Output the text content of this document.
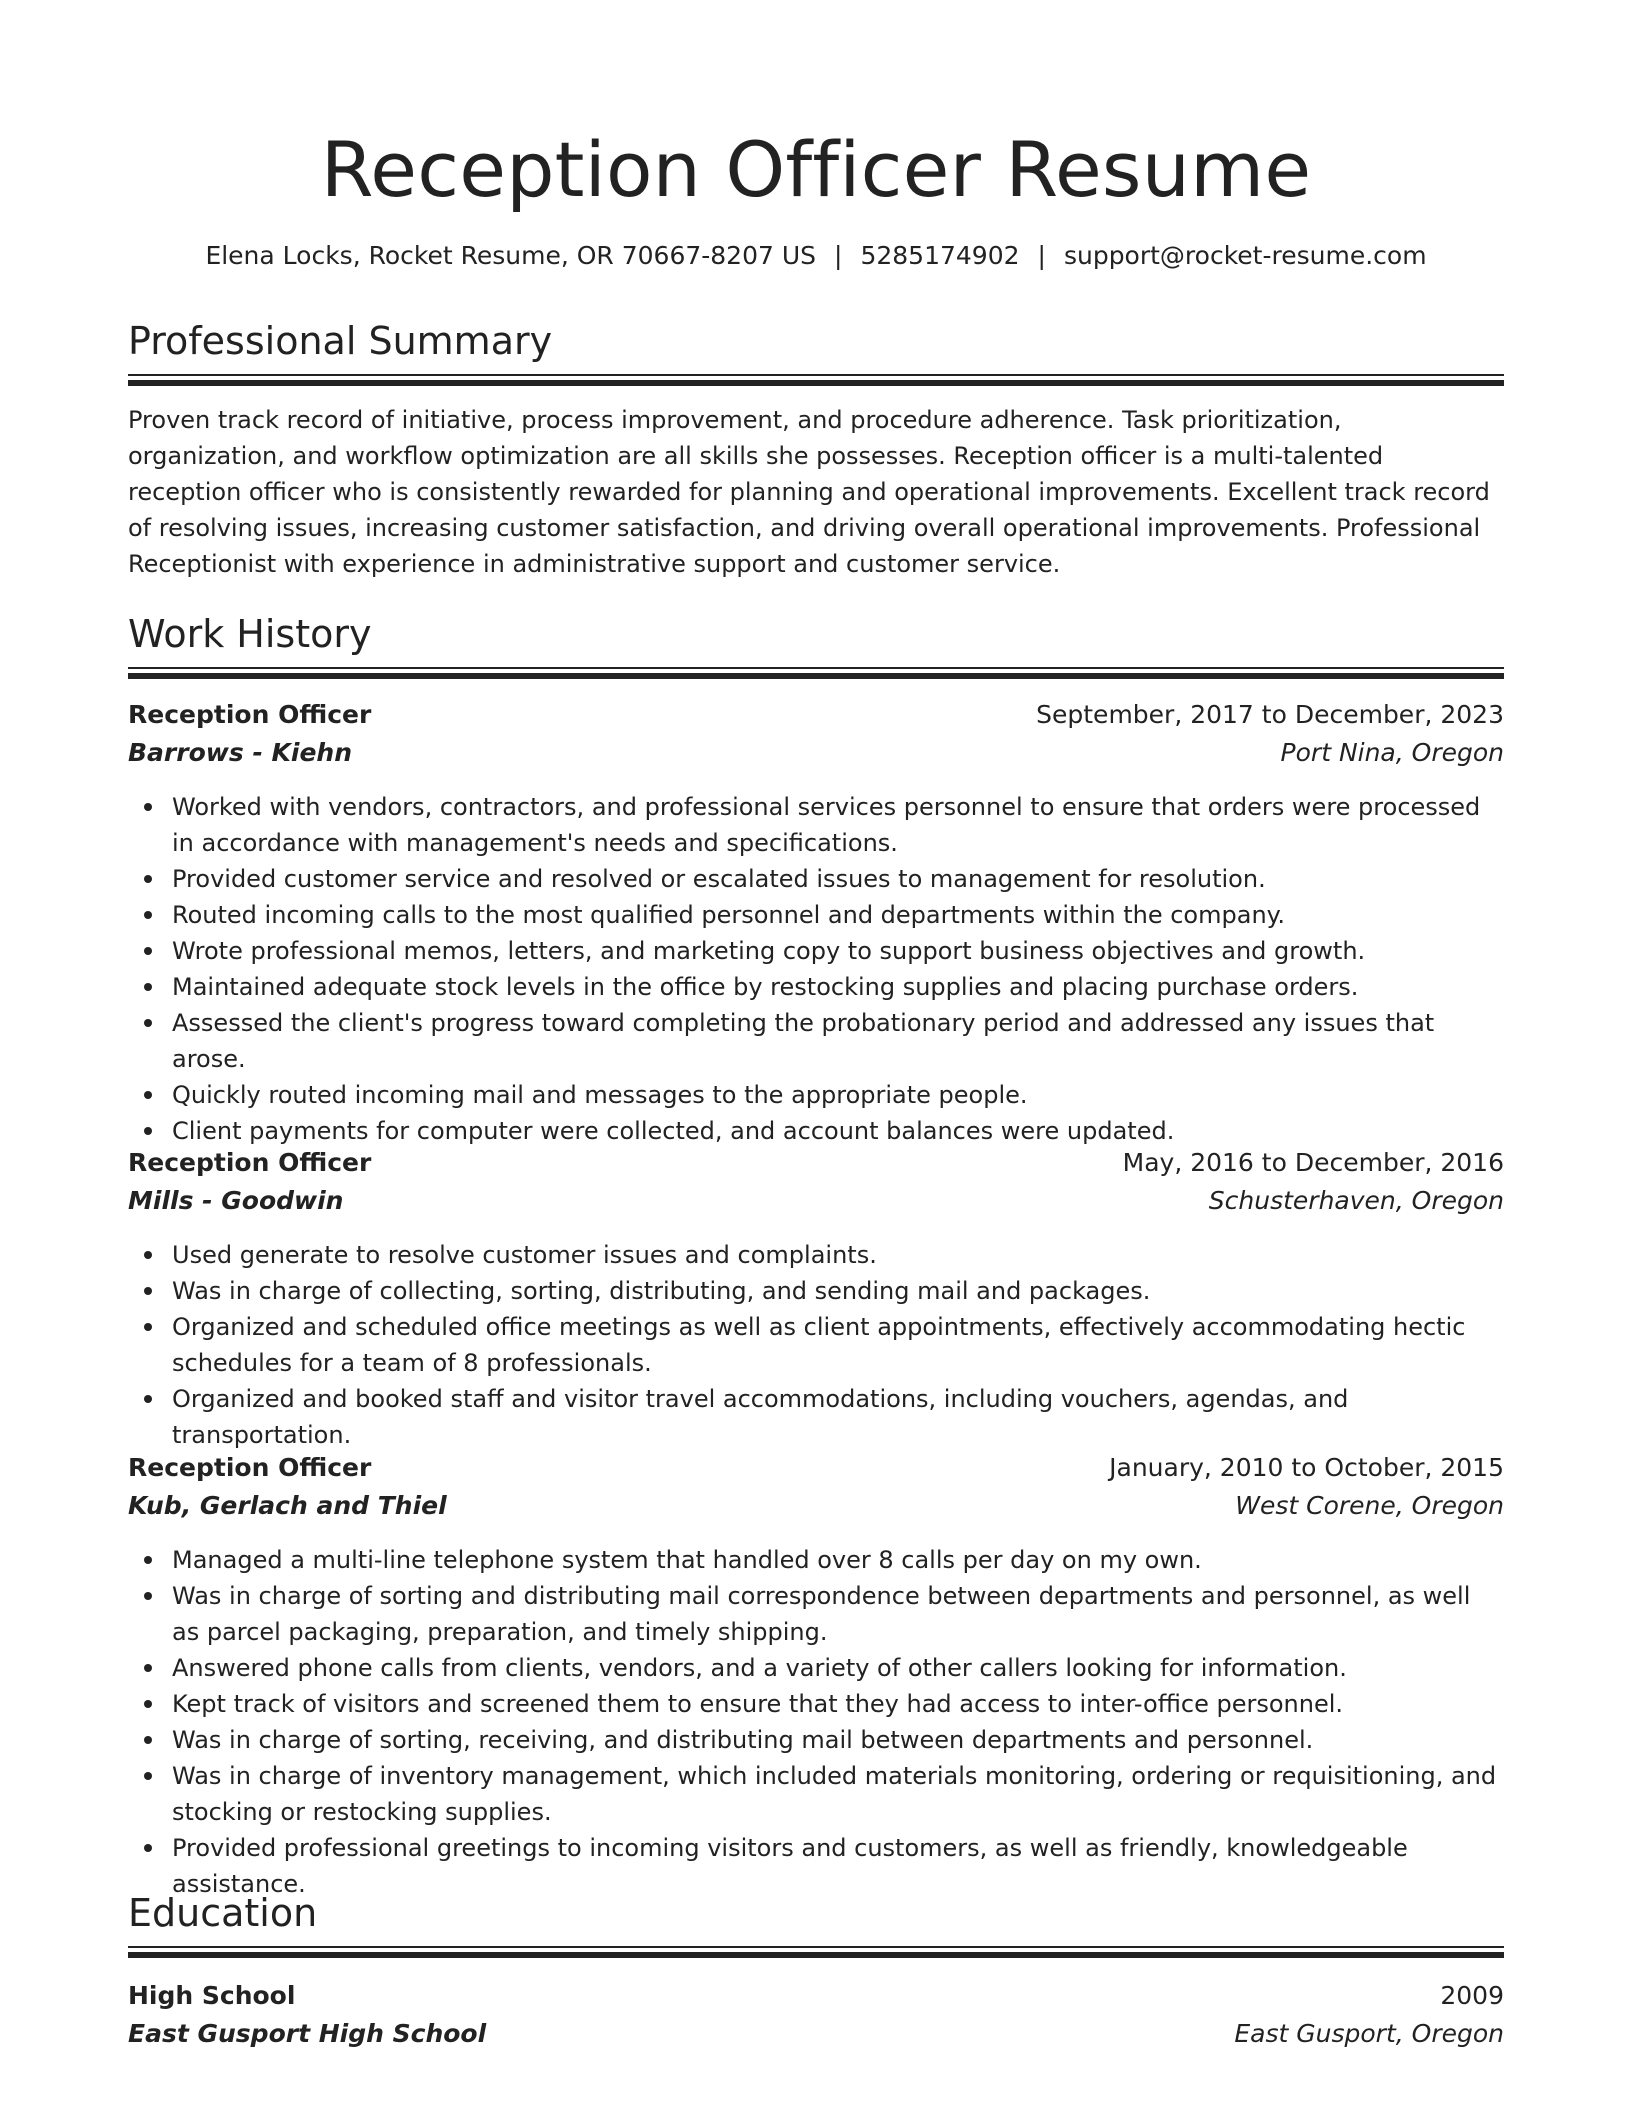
Reception Officer Resume
Elena Locks, Rocket Resume, OR 70667-8207 US | 5285174902 | support@rocket-resume.com
Professional Summary
Proven track record of initiative, process improvement, and procedure adherence. Task prioritization, organization, and workflow optimization are all skills she possesses. Reception officer is a multi-talented reception officer who is consistently rewarded for planning and operational improvements. Excellent track record of resolving issues, increasing customer satisfaction, and driving overall operational improvements. Professional Receptionist with experience in administrative support and customer service.
Work History
Reception Officer	September, 2017 to December, 2023
Barrows - Kiehn	Port Nina, Oregon
Worked with vendors, contractors, and professional services personnel to ensure that orders were processed in accordance with management's needs and specifications.
Provided customer service and resolved or escalated issues to management for resolution.
Routed incoming calls to the most qualified personnel and departments within the company.
Wrote professional memos, letters, and marketing copy to support business objectives and growth.
Maintained adequate stock levels in the office by restocking supplies and placing purchase orders.
Assessed the client's progress toward completing the probationary period and addressed any issues that arose.
Quickly routed incoming mail and messages to the appropriate people.
Client payments for computer were collected, and account balances were updated.
Reception Officer	May, 2016 to December, 2016
Mills - Goodwin	Schusterhaven, Oregon
Used generate to resolve customer issues and complaints.
Was in charge of collecting, sorting, distributing, and sending mail and packages.
Organized and scheduled office meetings as well as client appointments, effectively accommodating hectic schedules for a team of 8 professionals.
Organized and booked staff and visitor travel accommodations, including vouchers, agendas, and transportation.
Reception Officer	January, 2010 to October, 2015
Kub, Gerlach and Thiel	West Corene, Oregon
Managed a multi-line telephone system that handled over 8 calls per day on my own.
Was in charge of sorting and distributing mail correspondence between departments and personnel, as well as parcel packaging, preparation, and timely shipping.
Answered phone calls from clients, vendors, and a variety of other callers looking for information.
Kept track of visitors and screened them to ensure that they had access to inter-office personnel.
Was in charge of sorting, receiving, and distributing mail between departments and personnel.
Was in charge of inventory management, which included materials monitoring, ordering or requisitioning, and stocking or restocking supplies.
Provided professional greetings to incoming visitors and customers, as well as friendly, knowledgeable assistance.
Education
High School	2009
East Gusport High School	East Gusport, Oregon
